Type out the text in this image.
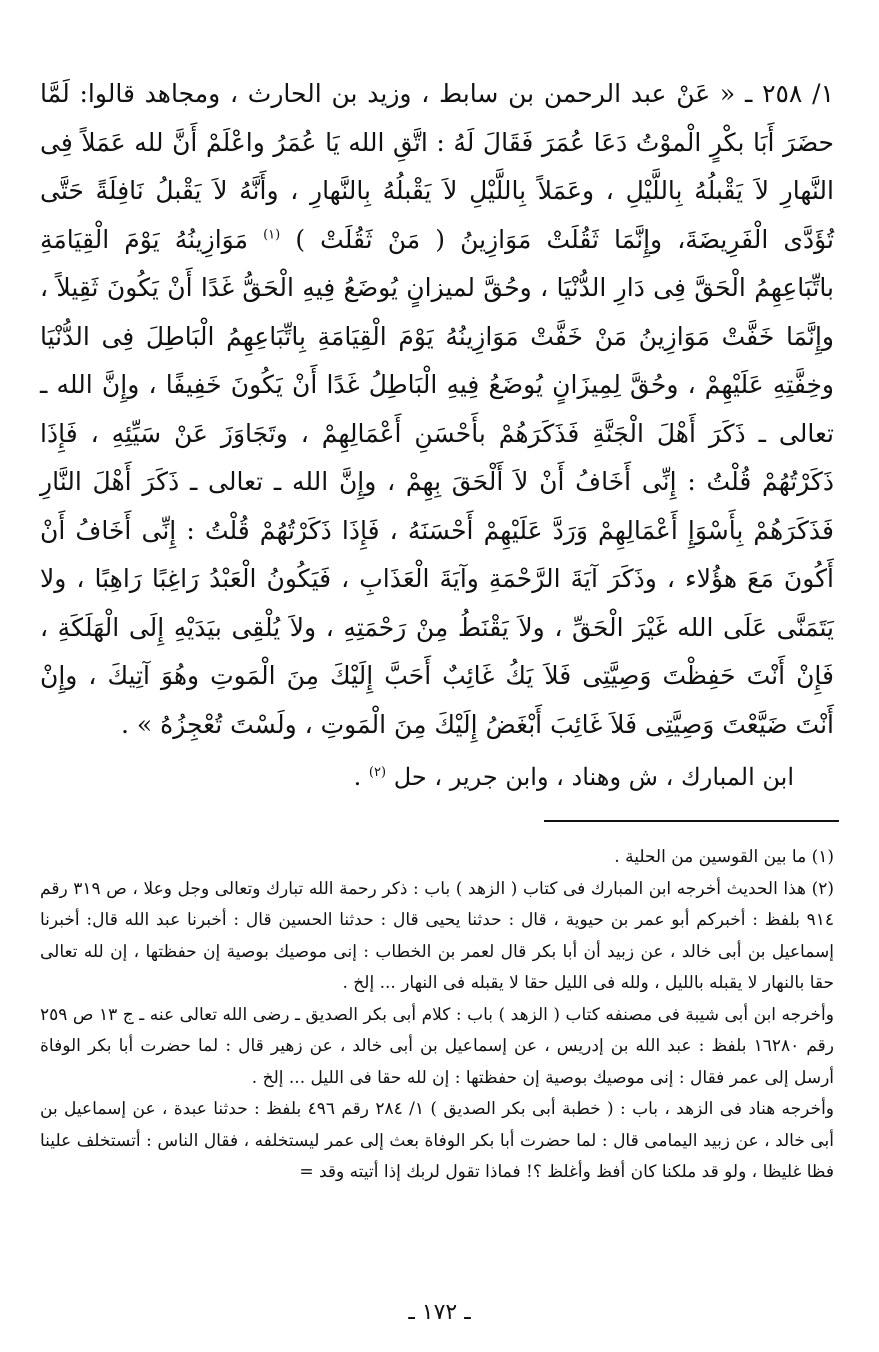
١/ ٢٥٨ ـ « عَنْ عبد الرحمن بن سابط ، وزيد بن الحارث ، ومجاهد قالوا: لَمَّا حضَرَ أَبَا بكْرٍ الْموْتُ دَعَا عُمَرَ فَقَالَ لَهُ : اتَّقِ الله يَا عُمَرُ واعْلَمْ أَنَّ لله عَمَلاً فِى النَّهارِ لاَ يَقْبلُهُ بِاللَّيْلِ ، وعَمَلاً بِاللَّيْلِ لاَ يَقْبلُهُ بِالنَّهارِ ، وأَنَّهُ لاَ يَقْبلُ نَافِلَةً حَتَّى تُؤَدَّى الْفَرِيضَةَ، وإِنَّمَا ثَقُلَتْ مَوَازِينُ ( مَنْ ثَقُلَتْ ) $^{(١)}$ مَوَازِينُهُ يَوْمَ الْقِيَامَةِ باتِّبَاعِهِمُ الْحَقَّ فِى دَارِ الدُّنْيَا ، وحُقَّ لميزانٍ يُوضَعُ فِيهِ الْحَقُّ غَدًا أَنْ يَكُونَ ثَقِيلاً ، وإِنَّمَا خَفَّتْ مَوَازِينُ مَنْ خَفَّتْ مَوَازِينُهُ يَوْمَ الْقِيَامَةِ بِاتِّبَاعِهِمُ الْبَاطِلَ فِى الدُّنْيَا وخِفَّتِهِ عَلَيْهِمْ ، وحُقَّ لِمِيزَانٍ يُوضَعُ فِيهِ الْبَاطِلُ غَدًا أَنْ يَكُونَ خَفِيفًا ، وإِنَّ الله ـ تعالى ـ ذَكَرَ أَهْلَ الْجَنَّةِ فَذَكَرَهُمْ بأَحْسَنِ أَعْمَالِهِمْ ، وتَجَاوَزَ عَنْ سَيِّئِهِ ، فَإِذَا ذَكَرْتُهُمْ قُلْتُ : إِنِّى أَخَافُ أَنْ لاَ أَلْحَقَ بِهِمْ ، وإِنَّ الله ـ تعالى ـ ذَكَرَ أَهْلَ النَّارِ فَذَكَرَهُمْ بِأَسْوَإِ أَعْمَالِهِمْ وَرَدَّ عَلَيْهِمْ أَحْسَنَهُ ، فَإِذَا ذَكَرْتُهُمْ قُلْتُ : إِنِّى أَخَافُ أَنْ أَكُونَ مَعَ هؤُلاء ، وذَكَرَ آيَةَ الرَّحْمَةِ وآيَةَ الْعَذَابِ ، فَيَكُونُ الْعَبْدُ رَاغِبًا رَاهِبًا ، ولا يَتَمَنَّى عَلَى الله غَيْرَ الْحَقِّ ، ولاَ يَقْنَطُ مِنْ رَحْمَتِهِ ، ولاَ يُلْقِى بيَدَيْهِ إِلَى الْهَلَكَةِ ، فَإِنْ أَنْتَ حَفِظْتَ وَصِيَّتِى فَلاَ يَكُ غَائِبٌ أَحَبَّ إِلَيْكَ مِنَ الْمَوتِ وهُوَ آتِيكَ ، وإِنْ أَنْتَ ضَيَّعْتَ وَصِيَّتِى فَلاَ غَائِبَ أَبْغَضُ إِلَيْكَ مِنَ الْمَوتِ ، ولَسْتَ تُعْجِزُهُ » .

ابن المبارك ، ش وهناد ، وابن جرير ، حل $^{(٢)}$ .

(١) ما بين القوسين من الحلية .

(٢) هذا الحديث أخرجه ابن المبارك فى كتاب ( الزهد ) باب : ذكر رحمة الله تبارك وتعالى وجل وعلا ، ص ٣١٩ رقم ٩١٤ بلفظ : أخبركم أبو عمر بن حيوية ، قال : حدثنا يحيى قال : حدثنا الحسين قال : أخبرنا عبد الله قال: أخبرنا إسماعيل بن أبى خالد ، عن زبيد أن أبا بكر قال لعمر بن الخطاب : إنى موصيك بوصية إن حفظتها ، إن لله تعالى حقا بالنهار لا يقبله بالليل ، ولله فى الليل حقا لا يقبله فى النهار ... إلخ .

وأخرجه ابن أبى شيبة فى مصنفه كتاب ( الزهد ) باب : كلام أبى بكر الصديق ـ رضى الله تعالى عنه ـ ج ١٣ ص ٢٥٩ رقم ١٦٢٨٠ بلفظ : عبد الله بن إدريس ، عن إسماعيل بن أبى خالد ، عن زهير قال : لما حضرت أبا بكر الوفاة أرسل إلى عمر فقال : إنى موصيك بوصية إن حفظتها : إن لله حقا فى الليل ... إلخ .

وأخرجه هناد فى الزهد ، باب : ( خطبة أبى بكر الصديق ) ١/ ٢٨٤ رقم ٤٩٦ بلفظ : حدثنا عبدة ، عن إسماعيل بن أبى خالد ، عن زبيد اليمامى قال : لما حضرت أبا بكر الوفاة بعث إلى عمر ليستخلفه ، فقال الناس : أتستخلف علينا فظا غليظا ، ولو قد ملكنا كان أفظ وأغلظ ؟! فماذا تقول لربك إذا أتيته وقد =

ـ ١٧٢ ـ
